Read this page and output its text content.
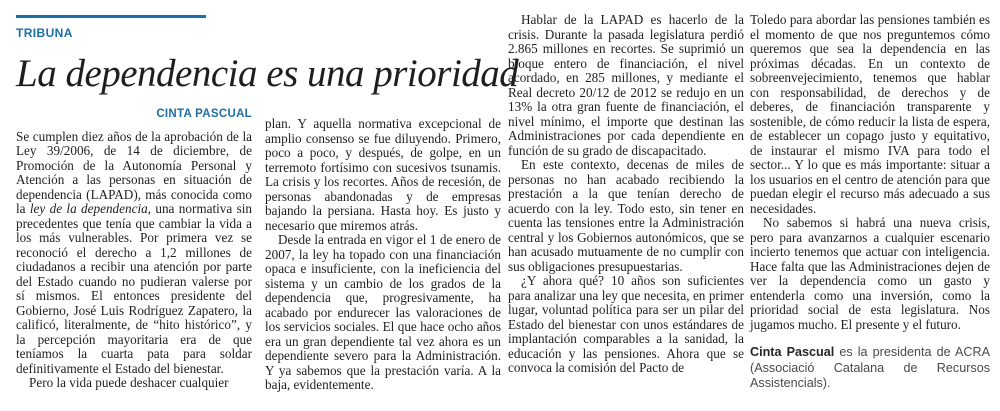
TRIBUNA
La dependencia es una prioridad
CINTA PASCUAL

Se cumplen diez años de la aprobación de la Ley 39/2006, de 14 de diciembre, de Promoción de la Autonomía Personal y Atención a las personas en situación de dependencia (LAPAD), más conocida como la ley de la dependencia, una normativa sin precedentes que tenía que cambiar la vida a los más vulnerables. Por primera vez se reconoció el derecho a 1,2 millones de ciudadanos a recibir una atención por parte del Estado cuando no pudieran valerse por sí mismos. El entonces presidente del Gobierno, José Luis Rodríguez Zapatero, la calificó, literalmente, de “hito histórico”, y la percepción mayoritaria era de que teníamos la cuarta pata para soldar definitivamente el Estado del bienestar.

Pero la vida puede deshacer cualquier

plan. Y aquella normativa excepcional de amplio consenso se fue diluyendo. Primero, poco a poco, y después, de golpe, en un terremoto fortísimo con sucesivos tsunamis. La crisis y los recortes. Años de recesión, de personas abandonadas y de empresas bajando la persiana. Hasta hoy. Es justo y necesario que miremos atrás.

Desde la entrada en vigor el 1 de enero de 2007, la ley ha topado con una financiación opaca e insuficiente, con la ineficiencia del sistema y un cambio de los grados de la dependencia que, progresivamente, ha acabado por endurecer las valoraciones de los servicios sociales. El que hace ocho años era un gran dependiente tal vez ahora es un dependiente severo para la Administración. Y ya sabemos que la prestación varía. A la baja, evidentemente.

Hablar de la LAPAD es hacerlo de la crisis. Durante la pasada legislatura perdió 2.865 millones en recortes. Se suprimió un bloque entero de financiación, el nivel acordado, en 285 millones, y mediante el Real decreto 20/12 de 2012 se redujo en un 13% la otra gran fuente de financiación, el nivel mínimo, el importe que destinan las Administraciones por cada dependiente en función de su grado de discapacitado.

En este contexto, decenas de miles de personas no han acabado recibiendo la prestación a la que tenían derecho de acuerdo con la ley. Todo esto, sin tener en cuenta las tensiones entre la Administración central y los Gobiernos autonómicos, que se han acusado mutuamente de no cumplir con sus obligaciones presupuestarias.

¿Y ahora qué? 10 años son suficientes para analizar una ley que necesita, en primer lugar, voluntad política para ser un pilar del Estado del bienestar con unos estándares de implantación comparables a la sanidad, la educación y las pensiones. Ahora que se convoca la comisión del Pacto de

Toledo para abordar las pensiones también es el momento de que nos preguntemos cómo queremos que sea la dependencia en las próximas décadas. En un contexto de sobreenvejecimiento, tenemos que hablar con responsabilidad, de derechos y de deberes, de financiación transparente y sostenible, de cómo reducir la lista de espera, de establecer un copago justo y equitativo, de instaurar el mismo IVA para todo el sector... Y lo que es más importante: situar a los usuarios en el centro de atención para que puedan elegir el recurso más adecuado a sus necesidades.

No sabemos si habrá una nueva crisis, pero para avanzarnos a cualquier escenario incierto tenemos que actuar con inteligencia. Hace falta que las Administraciones dejen de ver la dependencia como un gasto y entenderla como una inversión, como la prioridad social de esta legislatura. Nos jugamos mucho. El presente y el futuro.

Cinta Pascual es la presidenta de ACRA (Associació Catalana de Recursos Assistencials).
